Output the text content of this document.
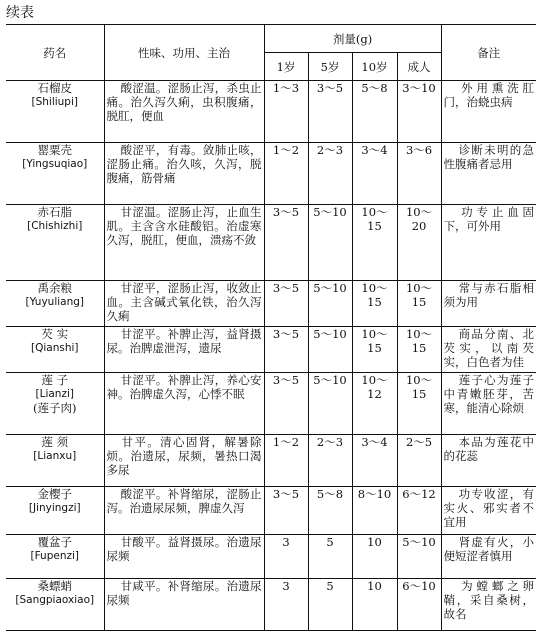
续表
药名	性味、功用、主治	剂量(g)				备注
		1岁	5岁	10岁	成人	

石榴皮
[Shiliupi]	酸涩温。涩肠止泻，杀虫止痛。治久泻久痢，虫积腹痛，脱肛，便血	1～3	3～5	5～8	3～10	外用熏洗肛门，治蛲虫病

罂粟壳
[Yingsuqiao]	酸涩平，有毒。敛肺止咳，涩肠止痛。治久咳，久泻，脱腹痛，筋骨痛	1～2	2～3	3～4	3～6	诊断未明的急性腹痛者忌用

赤石脂
[Chishizhi]	甘涩温。涩肠止泻，止血生肌。主含含水硅酸铝。治虚寒久泻，脱肛，便血，溃疡不敛	3～5	5～10	10～15	10～20	功专止血固下，可外用

禹余粮
[Yuyuliang]	甘涩平，涩肠止泻，收敛止血。主含碱式氧化铁，治久泻久痢	3～5	5～10	10～15	10～15	常与赤石脂相须为用

芡 实
[Qianshi]	甘涩平。补脾止泻，益肾摄尿。治脾虚泄泻，遗尿	3～5	5～10	10～15	10～15	商品分南、北芡实，以南芡实，白色者为佳

莲 子
[Lianzi]
(莲子肉)	甘涩平。补脾止泻，养心安神。治脾虚久泻，心悸不眠	3～5	5～10	10～12	10～15	莲子心为莲子中青嫩胚芽，苦寒，能清心除烦

莲 须
[Lianxu]	甘平。清心固肾，解暑除烦。治遗尿，尿频，暑热口渴多尿	1～2	2～3	3～4	2～5	本品为莲花中的花蕊

金樱子
[Jinyingzi]	酸涩平。补肾缩尿，涩肠止泻。治遗尿尿频，脾虚久泻	3～5	5～8	8～10	6～12	功专收涩，有实火、邪实者不宜用

覆盆子
[Fupenzi]	甘酸平。益肾摄尿。治遗尿尿频	3	5	10	5～10	肾虚有火，小便短涩者慎用

桑螵蛸
[Sangpiaoxiao]	甘咸平。补肾缩尿。治遗尿尿频	3	5	10	6～10	为螳螂之卵鞘，采自桑树，故名
